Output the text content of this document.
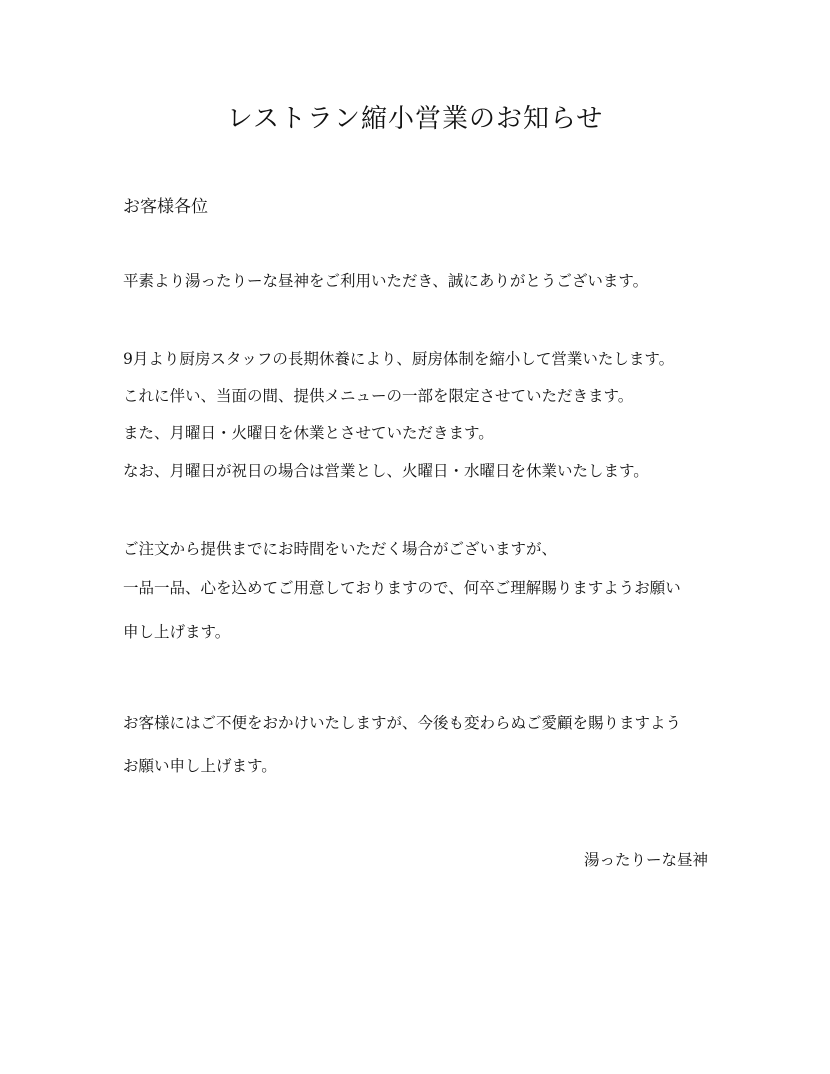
レストラン縮小営業のお知らせ
お客様各位
平素より湯ったりーな昼神をご利用いただき、誠にありがとうございます。
9月より厨房スタッフの長期休養により、厨房体制を縮小して営業いたします。
これに伴い、当面の間、提供メニューの一部を限定させていただきます。
また、月曜日・火曜日を休業とさせていただきます。
なお、月曜日が祝日の場合は営業とし、火曜日・水曜日を休業いたします。
ご注文から提供までにお時間をいただく場合がございますが、
一品一品、心を込めてご用意しておりますので、何卒ご理解賜りますようお願い
申し上げます。
お客様にはご不便をおかけいたしますが、今後も変わらぬご愛顧を賜りますよう
お願い申し上げます。
湯ったりーな昼神
